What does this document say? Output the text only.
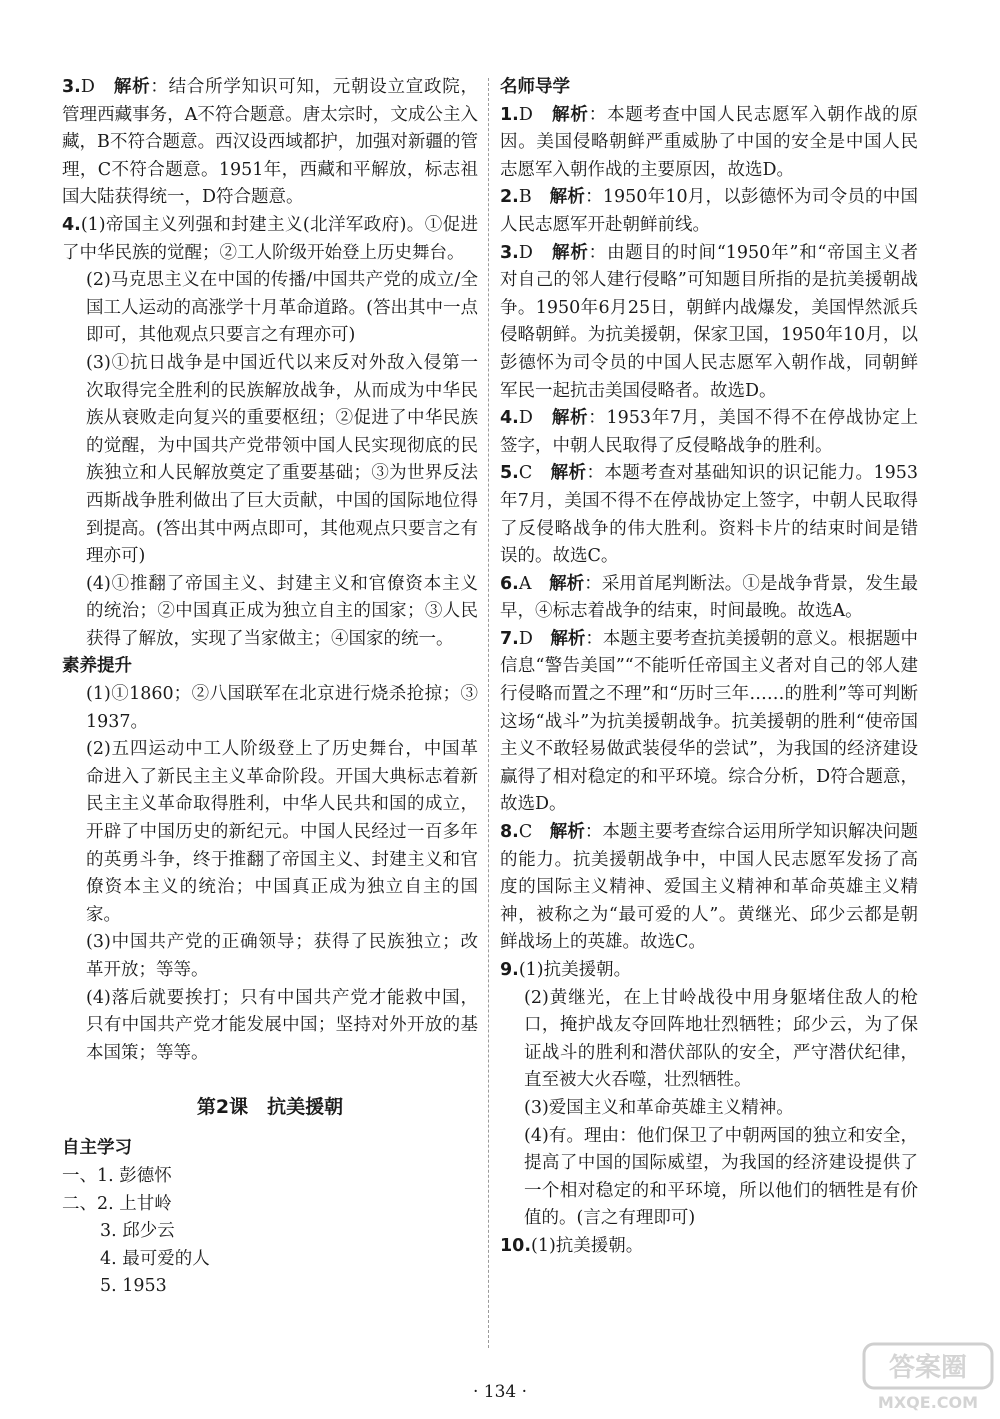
3.D　 解析：结合所学知识可知，元朝设立宣政院，管理西藏事务，A不符合题意。唐太宗时，文成公主入藏，B不符合题意。西汉设西域都护，加强对新疆的管理，C不符合题意。1951年，西藏和平解放，标志祖国大陆获得统一，D符合题意。

4.(1)帝国主义列强和封建主义(北洋军政府)。①促进了中华民族的觉醒；②工人阶级开始登上历史舞台。

(2)马克思主义在中国的传播/中国共产党的成立/全国工人运动的高涨学十月革命道路。(答出其中一点即可，其他观点只要言之有理亦可)

(3)①抗日战争是中国近代以来反对外敌入侵第一次取得完全胜利的民族解放战争，从而成为中华民族从衰败走向复兴的重要枢纽；②促进了中华民族的觉醒，为中国共产党带领中国人民实现彻底的民族独立和人民解放奠定了重要基础；③为世界反法西斯战争胜利做出了巨大贡献，中国的国际地位得到提高。(答出其中两点即可，其他观点只要言之有理亦可)

(4)①推翻了帝国主义、封建主义和官僚资本主义的统治；②中国真正成为独立自主的国家；③人民获得了解放，实现了当家做主；④国家的统一。

素养提升

(1)①1860；②八国联军在北京进行烧杀抢掠；③1937。

(2)五四运动中工人阶级登上了历史舞台，中国革命进入了新民主主义革命阶段。开国大典标志着新民主主义革命取得胜利，中华人民共和国的成立，开辟了中国历史的新纪元。中国人民经过一百多年的英勇斗争，终于推翻了帝国主义、封建主义和官僚资本主义的统治；中国真正成为独立自主的国家。

(3)中国共产党的正确领导；获得了民族独立；改革开放；等等。

(4)落后就要挨打；只有中国共产党才能救中国，只有中国共产党才能发展中国；坚持对外开放的基本国策；等等。

第2课　抗美援朝

自主学习

一、1. 彭德怀

二、2. 上甘岭

3. 邱少云

4. 最可爱的人

5. 1953

名师导学

1.D　 解析：本题考查中国人民志愿军入朝作战的原因。美国侵略朝鲜严重威胁了中国的安全是中国人民志愿军入朝作战的主要原因，故选D。

2.B　 解析：1950年10月，以彭德怀为司令员的中国人民志愿军开赴朝鲜前线。

3.D　 解析：由题目的时间“1950年”和“帝国主义者对自己的邻人建行侵略”可知题目所指的是抗美援朝战争。1950年6月25日，朝鲜内战爆发，美国悍然派兵侵略朝鲜。为抗美援朝，保家卫国，1950年10月，以彭德怀为司令员的中国人民志愿军入朝作战，同朝鲜军民一起抗击美国侵略者。故选D。

4.D　 解析：1953年7月，美国不得不在停战协定上签字，中朝人民取得了反侵略战争的胜利。

5.C　 解析：本题考查对基础知识的识记能力。1953年7月，美国不得不在停战协定上签字，中朝人民取得了反侵略战争的伟大胜利。资料卡片的结束时间是错误的。故选C。

6.A　 解析：采用首尾判断法。①是战争背景，发生最早，④标志着战争的结束，时间最晚。故选A。

7.D　 解析：本题主要考查抗美援朝的意义。根据题中信息“警告美国”“不能听任帝国主义者对自己的邻人建行侵略而置之不理”和“历时三年……的胜利”等可判断这场“战斗”为抗美援朝战争。抗美援朝的胜利“使帝国主义不敢轻易做武装侵华的尝试”，为我国的经济建设赢得了相对稳定的和平环境。综合分析，D符合题意，故选D。

8.C　 解析：本题主要考查综合运用所学知识解决问题的能力。抗美援朝战争中，中国人民志愿军发扬了高度的国际主义精神、爱国主义精神和革命英雄主义精神，被称之为“最可爱的人”。黄继光、邱少云都是朝鲜战场上的英雄。故选C。

9.(1)抗美援朝。

(2)黄继光，在上甘岭战役中用身躯堵住敌人的枪口，掩护战友夺回阵地壮烈牺牲；邱少云，为了保证战斗的胜利和潜伏部队的安全，严守潜伏纪律，直至被大火吞噬，壮烈牺牲。

(3)爱国主义和革命英雄主义精神。

(4)有。理由：他们保卫了中朝两国的独立和安全，提高了中国的国际威望，为我国的经济建设提供了一个相对稳定的和平环境，所以他们的牺牲是有价值的。(言之有理即可)

10.(1)抗美援朝。

· 134 ·
答案圈
MXQE.COM
